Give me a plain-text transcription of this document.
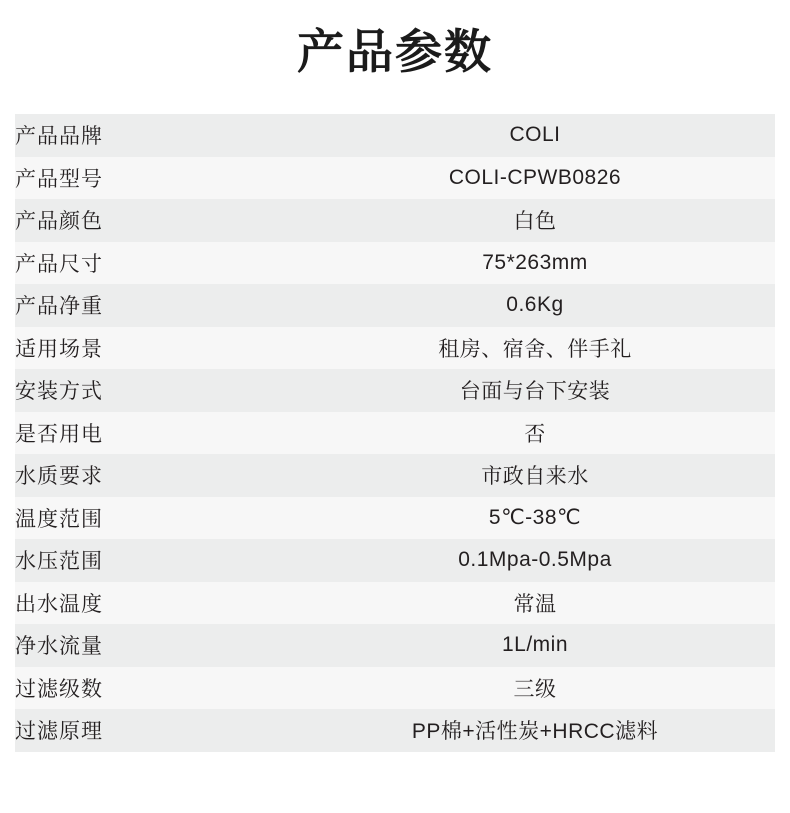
产品参数
产品品牌	COLI

产品型号	COLI-CPWB0826

产品颜色	白色

产品尺寸	75*263mm

产品净重	0.6Kg

适用场景	租房、宿舍、伴手礼

安装方式	台面与台下安装

是否用电	否

水质要求	市政自来水

温度范围	5℃-38℃

水压范围	0.1Mpa-0.5Mpa

出水温度	常温

净水流量	1L/min

过滤级数	三级

过滤原理	PP棉+活性炭+HRCC滤料
